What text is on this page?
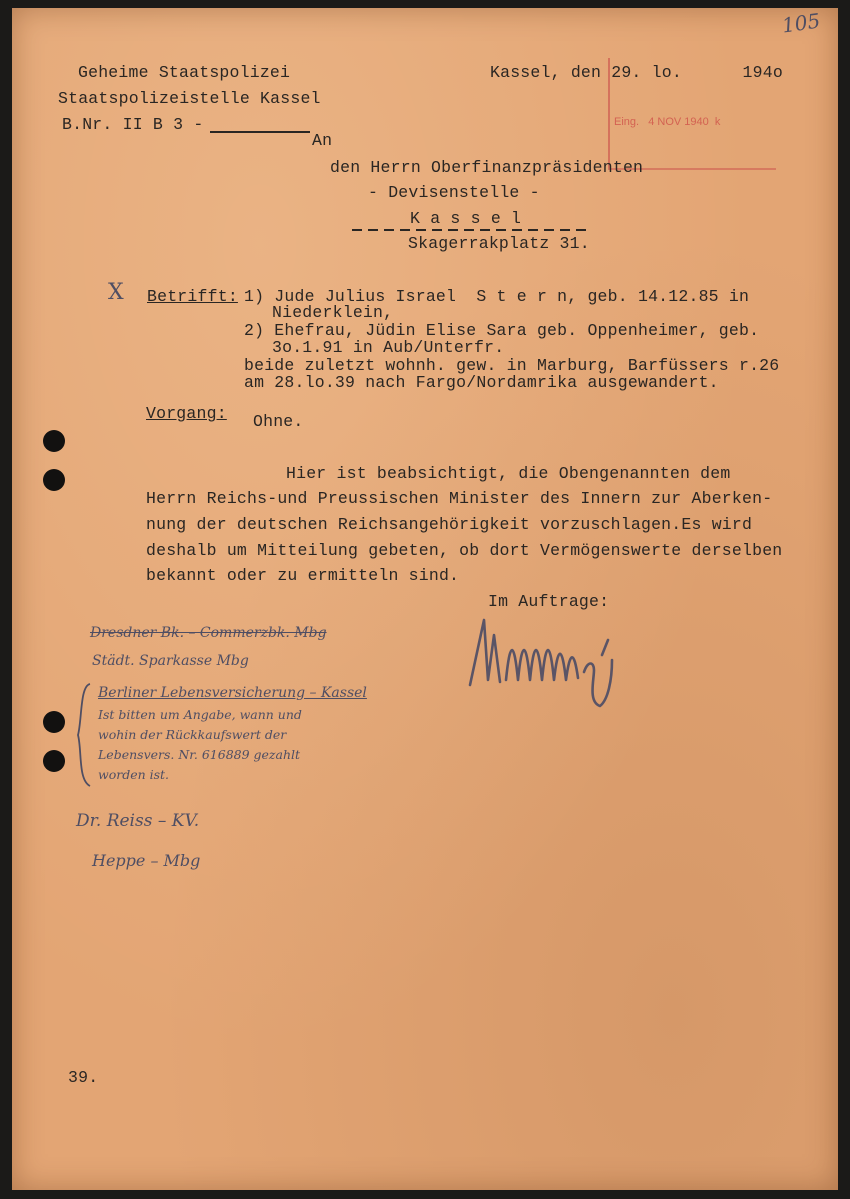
Geheime Staatspolizei
Staatspolizeistelle Kassel
B.Nr. II B 3 -
Kassel, den 29. lo.      194o
105
Eing.   4 NOV 1940  k
An
den Herrn Oberfinanzpräsidenten
- Devisenstelle -
K a s s e l
Skagerrakplatz 31.
X Betrifft: 1) Jude Julius Israel  S t e r n, geb. 14.12.85 in
Niederklein,
2) Ehefrau, Jüdin Elise Sara geb. Oppenheimer, geb.
3o.1.91 in Aub/Unterfr.
beide zuletzt wohnh. gew. in Marburg, Barfüssers r.26
am 28.lo.39 nach Fargo/Nordamrika ausgewandert.
Vorgang: Ohne.
Hier ist beabsichtigt, die Obengenannten dem
Herrn Reichs-und Preussischen Minister des Innern zur Aberken-
nung der deutschen Reichsangehörigkeit vorzuschlagen.Es wird
deshalb um Mitteilung gebeten, ob dort Vermögenswerte derselben
bekannt oder zu ermitteln sind.
Im Auftrage:
Dresdner Bk. – Commerzbk. Mbg
Städt. Sparkasse Mbg
Berliner Lebensversicherung – Kassel
Ist bitten um Angabe, wann und
wohin der Rückkaufswert der
Lebensvers. Nr. 616889 gezahlt
worden ist.
Dr. Reiss – KV.
Heppe – Mbg
39.
